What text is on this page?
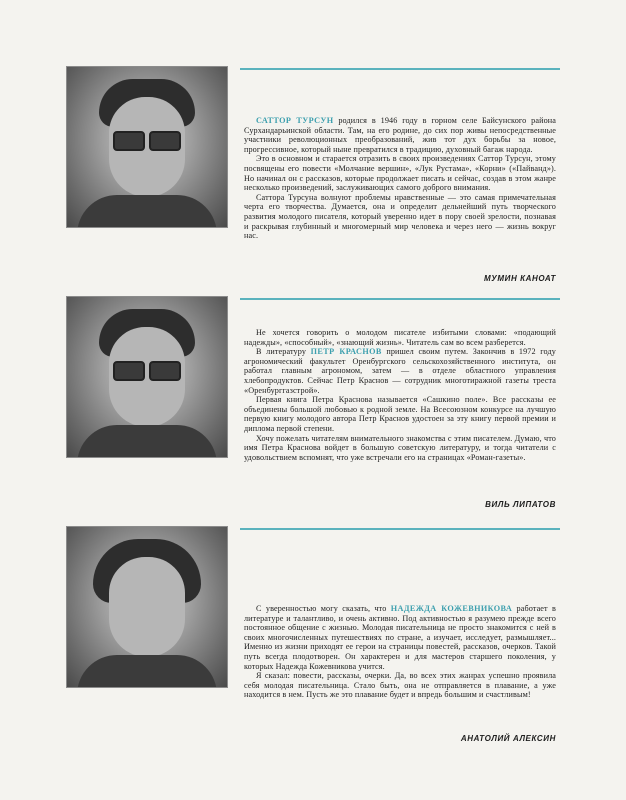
САТТОР ТУРСУН родился в 1946 году в горном селе Байсунского района Сурхандарьинской области. Там, на его родине, до сих пор живы непосредственные участники революционных преобразований, жив тот дух борьбы за новое, прогрессивное, который ныне превратился в традицию, духовный багаж народа.

Это в основном и старается отразить в своих произведениях Саттор Турсун, этому посвящены его повести «Молчание вершин», «Лук Рустама», «Корни» («Пайванд»). Но начинал он с рассказов, которые продолжает писать и сейчас, создав в этом жанре несколько произведений, заслуживающих самого доброго внимания.

Саттора Турсуна волнуют проблемы нравственные — это самая примечательная черта его творчества. Думается, она и определит дельнейший путь творческого развития молодого писателя, который уверенно идет в пору своей зрелости, познавая и раскрывая глубинный и многомерный мир человека и через него — жизнь вокруг нас.

МУМИН КАНОАТ

Не хочется говорить о молодом писателе избитыми словами: «подающий надежды», «способный», «знающий жизнь». Читатель сам во всем разберется.

В литературу ПЕТР КРАСНОВ пришел своим путем. Закончив в 1972 году агрономический факультет Оренбургского сельскохозяйственного института, он работал главным агрономом, затем — в отделе областного управления хлебопродуктов. Сейчас Петр Краснов — сотрудник многотиражной газеты треста «Оренбурггазстрой».

Первая книга Петра Краснова называется «Сашкино поле». Все рассказы ее объединены большой любовью к родной земле. На Всесоюзном конкурсе на лучшую первую книгу молодого автора Петр Краснов удостоен за эту книгу первой премии и диплома первой степени.

Хочу пожелать читателям внимательного знакомства с этим писателем. Думаю, что имя Петра Краснова войдет в большую советскую литературу, и тогда читатели с удовольствием вспомнят, что уже встречали его на страницах «Роман-газеты».

ВИЛЬ ЛИПАТОВ

С уверенностью могу сказать, что НАДЕЖДА КОЖЕВНИКОВА работает в литературе и талантливо, и очень активно. Под активностью я разумею прежде всего постоянное общение с жизнью. Молодая писательница не просто знакомится с ней в своих многочисленных путешествиях по стране, а изучает, исследует, размышляет... Именно из жизни приходят ее герои на страницы повестей, рассказов, очерков. Такой путь всегда плодотворен. Он характерен и для мастеров старшего поколения, у которых Надежда Кожевникова учится.

Я сказал: повести, рассказы, очерки. Да, во всех этих жанрах успешно проявила себя молодая писательница. Стало быть, она не отправляется в плавание, а уже находится в нем. Пусть же это плавание будет и впредь большим и счастливым!

АНАТОЛИЙ АЛЕКСИН
